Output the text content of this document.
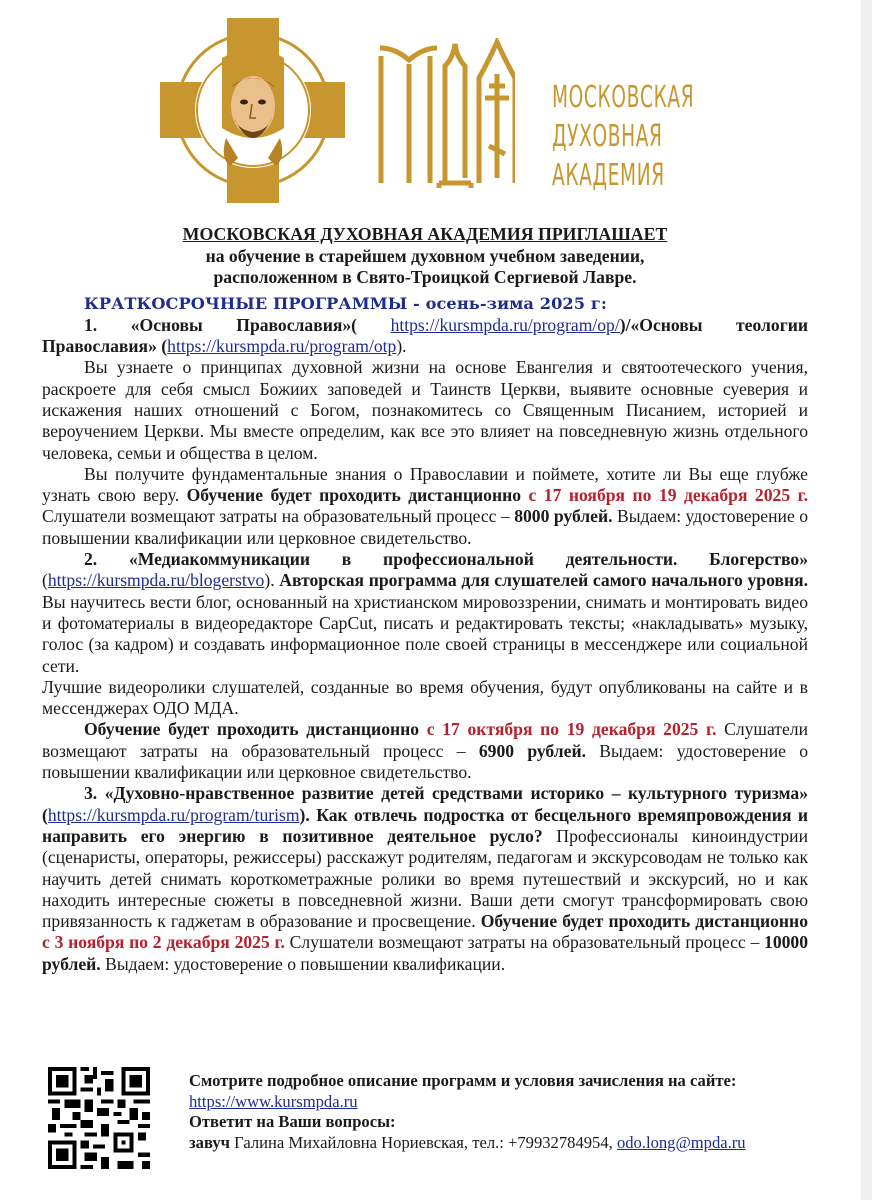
МОСКОВСКАЯ
ДУХОВНАЯ
АКАДЕМИЯ
МОСКОВСКАЯ ДУХОВНАЯ АКАДЕМИЯ ПРИГЛАШАЕТ
на обучение в старейшем духовном учебном заведении,
расположенном в Свято-Троицкой Сергиевой Лавре.
КРАТКОСРОЧНЫЕ ПРОГРАММЫ - осень-зима 2025 г:

1. «Основы Православия»( https://kursmpda.ru/program/op/)/«Основы теологии Православия» (https://kursmpda.ru/program/otp).

Вы узнаете о принципах духовной жизни на основе Евангелия и святоотеческого учения, раскроете для себя смысл Божиих заповедей и Таинств Церкви, выявите основные суеверия и искажения наших отношений с Богом, познакомитесь со Священным Писанием, историей и вероучением Церкви. Мы вместе определим, как все это влияет на повседневную жизнь отдельного человека, семьи и общества в целом.

Вы получите фундаментальные знания о Православии и поймете, хотите ли Вы еще глубже узнать свою веру. Обучение будет проходить дистанционно с 17 ноября по 19 декабря 2025 г. Слушатели возмещают затраты на образовательный процесс – 8000 рублей. Выдаем: удостоверение о повышении квалификации или церковное свидетельство.

2. «Медиакоммуникации в профессиональной деятельности. Блогерство» (https://kursmpda.ru/blogerstvo). Авторская программа для слушателей самого начального уровня. Вы научитесь вести блог, основанный на христианском мировоззрении, снимать и монтировать видео и фотоматериалы в видеоредакторе CapCut, писать и редактировать тексты; «накладывать» музыку, голос (за кадром) и создавать информационное поле своей страницы в мессенджере или социальной сети.

Лучшие видеоролики слушателей, созданные во время обучения, будут опубликованы на сайте и в мессенджерах ОДО МДА.

Обучение будет проходить дистанционно с 17 октября по 19 декабря 2025 г. Слушатели возмещают затраты на образовательный процесс – 6900 рублей. Выдаем: удостоверение о повышении квалификации или церковное свидетельство.

3. «Духовно-нравственное развитие детей средствами историко – культурного туризма» (https://kursmpda.ru/program/turism). Как отвлечь подростка от бесцельного времяпровождения и направить его энергию в позитивное деятельное русло? Профессионалы киноиндустрии (сценаристы, операторы, режиссеры) расскажут родителям, педагогам и экскурсоводам не только как научить детей снимать короткометражные ролики во время путешествий и экскурсий, но и как находить интересные сюжеты в повседневной жизни. Ваши дети смогут трансформировать свою привязанность к гаджетам в образование и просвещение. Обучение будет проходить дистанционно с 3 ноября по 2 декабря 2025 г. Слушатели возмещают затраты на образовательный процесс – 10000 рублей. Выдаем: удостоверение о повышении квалификации.

Смотрите подробное описание программ и условия зачисления на сайте:
https://www.kursmpda.ru
Ответит на Ваши вопросы:
завуч Галина Михайловна Нориевская, тел.: +79932784954, odo.long@mpda.ru
